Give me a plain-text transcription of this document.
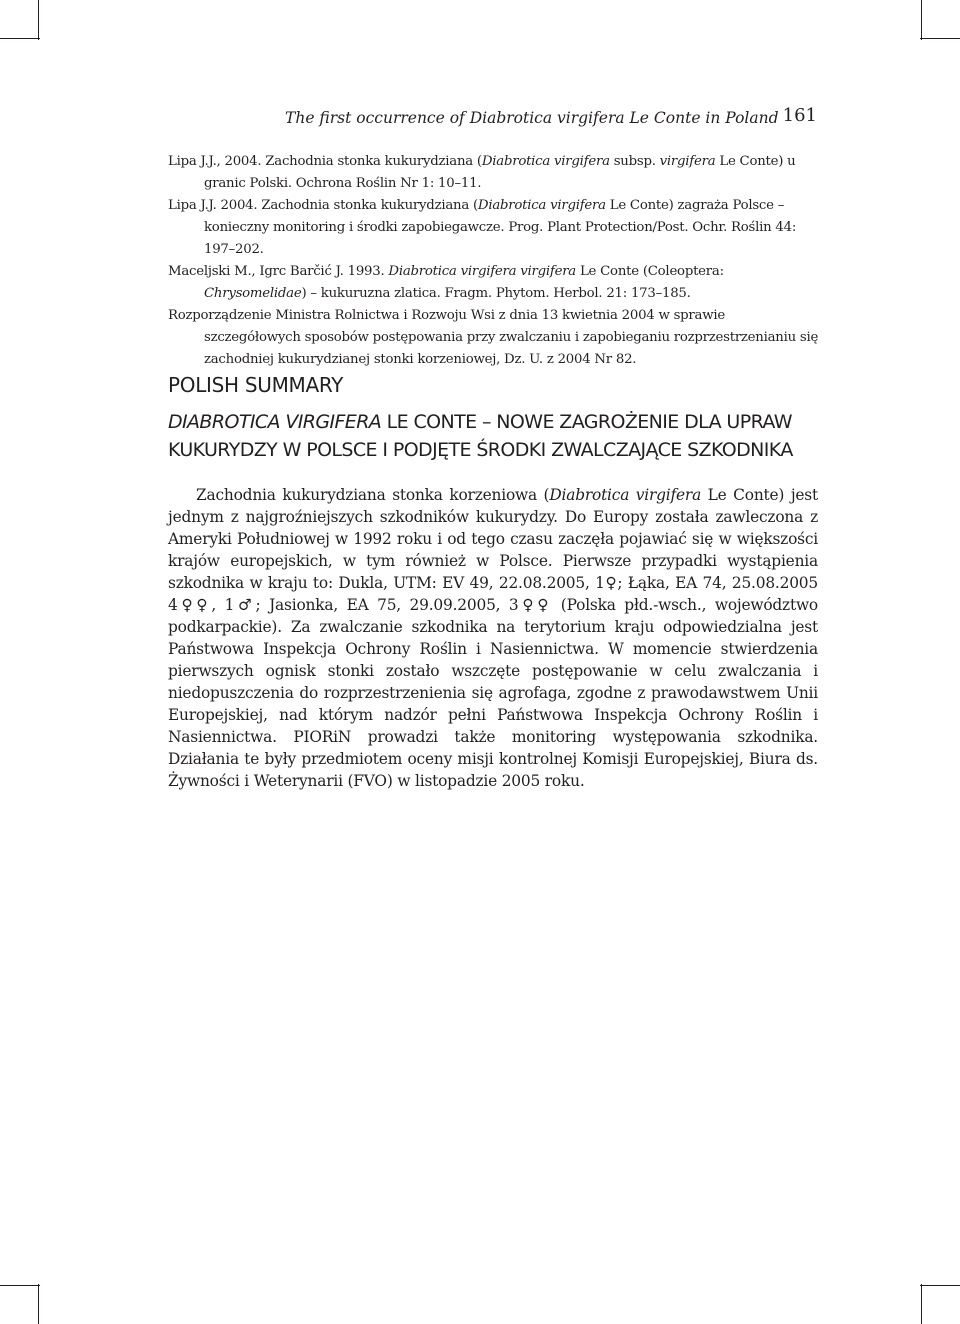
The first occurrence of Diabrotica virgifera Le Conte in Poland 161

Lipa J.J., 2004. Zachodnia stonka kukurydziana (Diabrotica virgifera subsp. virgifera Le Conte) u granic Polski. Ochrona Roślin Nr 1: 10–11.

Lipa J.J. 2004. Zachodnia stonka kukurydziana (Diabrotica virgifera Le Conte) zagraża Polsce – konieczny monitoring i środki zapobiegawcze. Prog. Plant Protection/Post. Ochr. Roślin 44: 197–202.

Maceljski M., Igrc Barčić J. 1993. Diabrotica virgifera virgifera Le Conte (Coleoptera: Chrysomelidae) – kukuruzna zlatica. Fragm. Phytom. Herbol. 21: 173–185.

Rozporządzenie Ministra Rolnictwa i Rozwoju Wsi z dnia 13 kwietnia 2004 w sprawie szczegółowych sposobów postępowania przy zwalczaniu i zapobieganiu rozprzestrzenianiu się zachodniej kukurydzianej stonki korzeniowej, Dz. U. z 2004 Nr 82.

POLISH SUMMARY
DIABROTICA VIRGIFERA LE CONTE – NOWE ZAGROŻENIE DLA UPRAW KUKURYDZY W POLSCE I PODJĘTE ŚRODKI ZWALCZAJĄCE SZKODNIKA

Zachodnia kukurydziana stonka korzeniowa (Diabrotica virgifera Le Conte) jest jednym z najgroźniejszych szkodników kukurydzy. Do Europy została zawleczona z Ameryki Południowej w 1992 roku i od tego czasu zaczęła pojawiać się w większości krajów europejskich, w tym również w Polsce. Pierwsze przypadki wystąpienia szkodnika w kraju to: Dukla, UTM: EV 49, 22.08.2005, 1♀; Łąka, EA 74, 25.08.2005 4♀♀, 1♂; Jasionka, EA 75, 29.09.2005, 3♀♀ (Polska płd.-wsch., województwo podkarpackie). Za zwalczanie szkodnika na terytorium kraju odpowiedzialna jest Państwowa Inspekcja Ochrony Roślin i Nasiennictwa. W momencie stwierdzenia pierwszych ognisk stonki zostało wszczęte postępowanie w celu zwalczania i niedopuszczenia do rozprzestrzenienia się agrofaga, zgodne z prawodawstwem Unii Europejskiej, nad którym nadzór pełni Państwowa Inspekcja Ochrony Roślin i Nasiennictwa. PIORiN prowadzi także monitoring występowania szkodnika. Działania te były przedmiotem oceny misji kontrolnej Komisji Europejskiej, Biura ds. Żywności i Weterynarii (FVO) w listopadzie 2005 roku.
